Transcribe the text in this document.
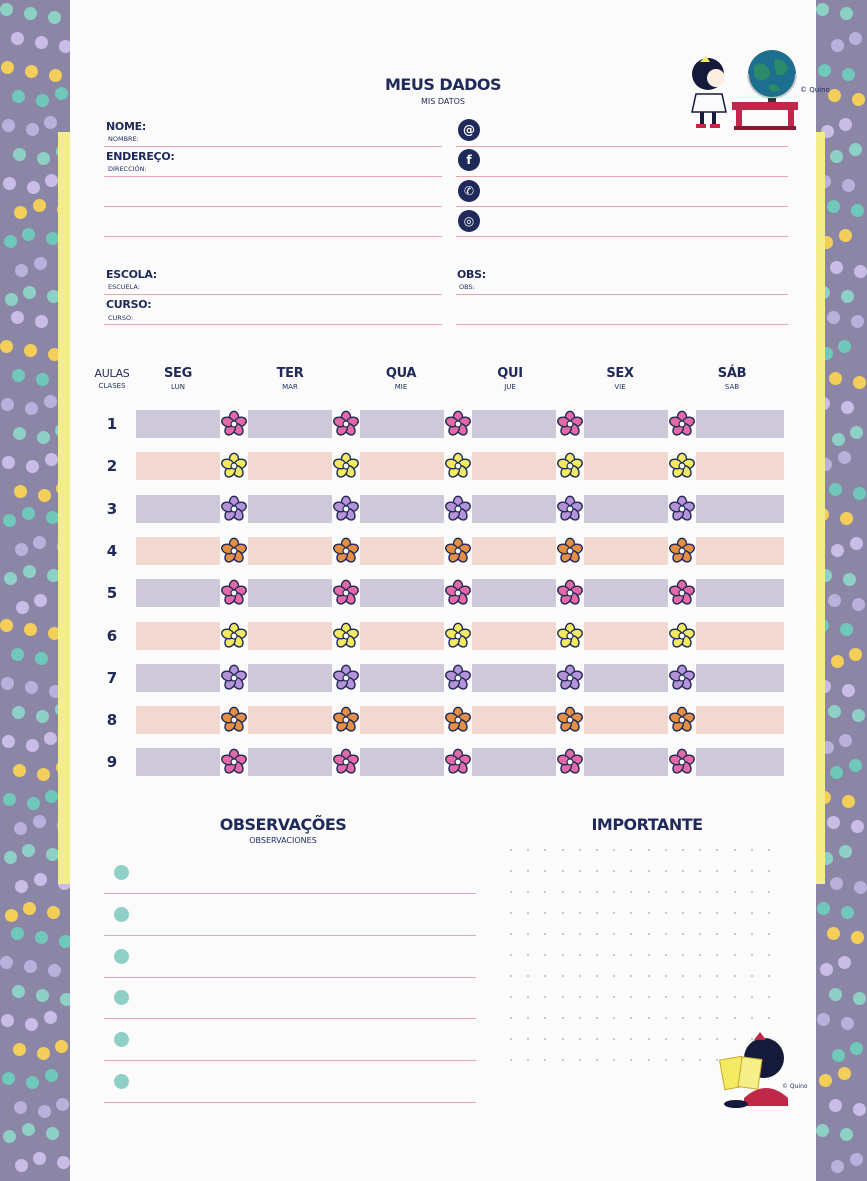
MEUS DADOS
MIS DATOS
© Quino
NOME:
NOMBRE:
ENDEREÇO:
DIRECCIÓN:
@
f
✆
◎
ESCOLA:
ESCUELA:
CURSO:
CURSO:
OBS:
OBS:
AULAS
CLASES
SEG
LUN
TER
MAR
QUA
MIE
QUI
JUE
SEX
VIE
SÁB
SAB
1
2
3
4
5
6
7
8
9
OBSERVAÇÕES
OBSERVACIONES
IMPORTANTE
© Quino
